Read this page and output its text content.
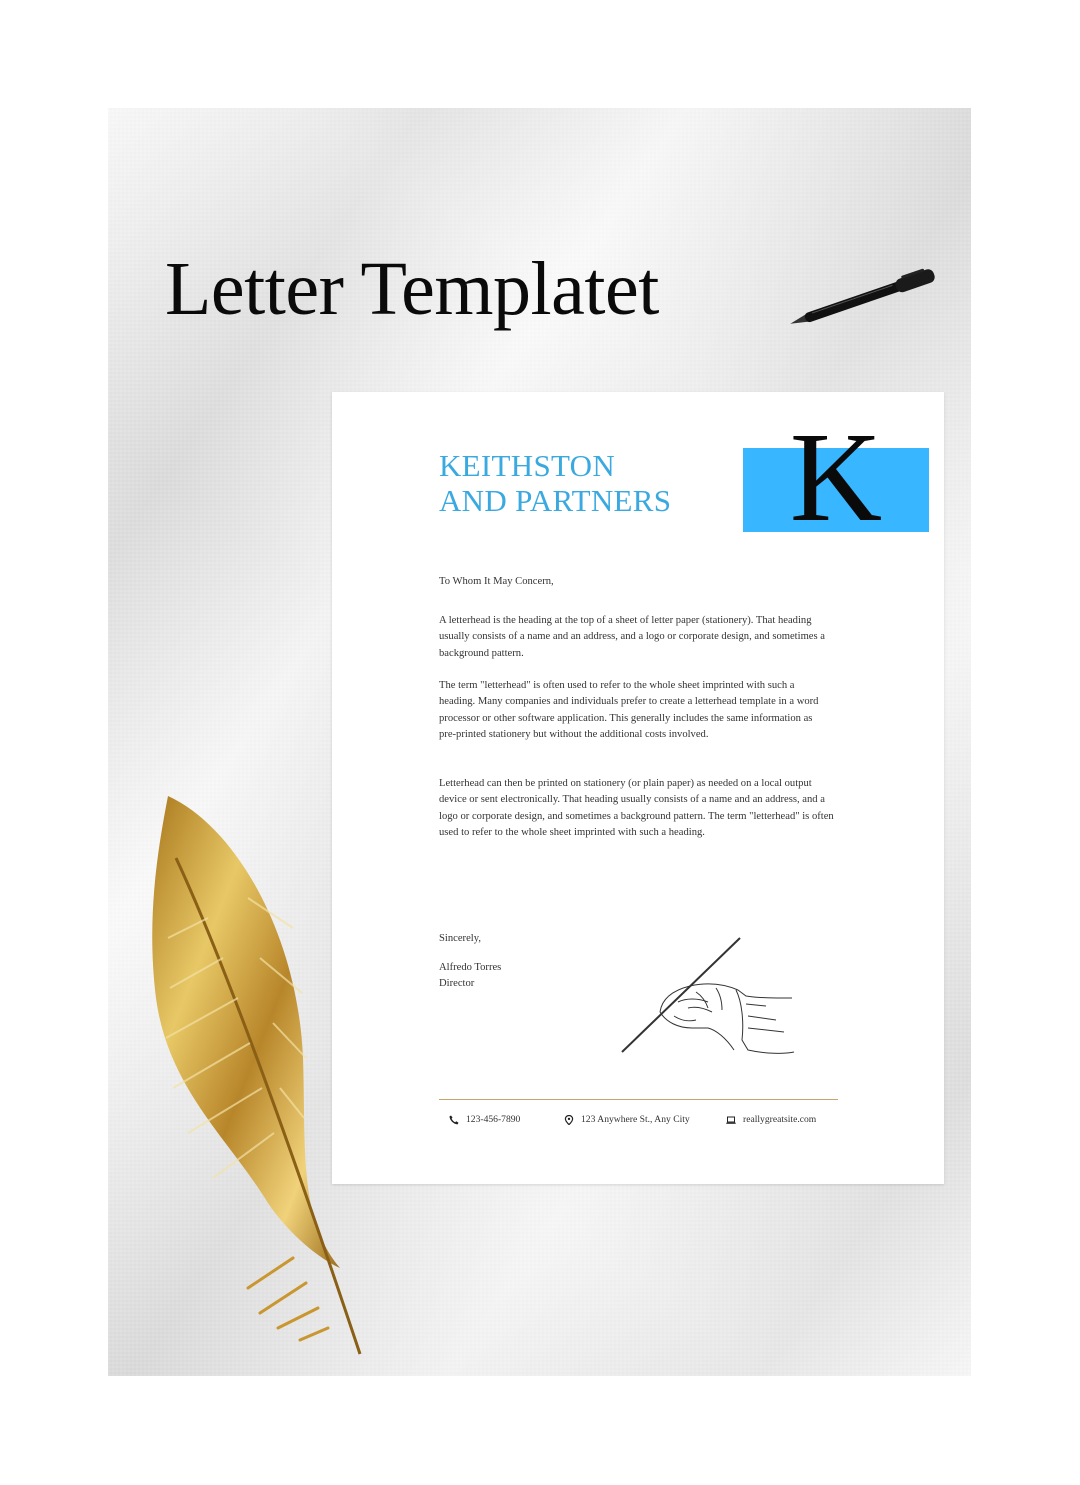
Letter Templatet
KEITHSTON
AND PARTNERS K
To Whom It May Concern,
A letterhead is the heading at the top of a sheet of letter paper (stationery). That heading usually consists of a name and an address, and a logo or corporate design, and sometimes a background pattern.
The term "letterhead" is often used to refer to the whole sheet imprinted with such a heading. Many companies and individuals prefer to create a letterhead template in a word processor or other software application. This generally includes the same information as pre-printed stationery but without the additional costs involved.
Letterhead can then be printed on stationery (or plain paper) as needed on a local output device or sent electronically. That heading usually consists of a name and an address, and a logo or corporate design, and sometimes a background pattern. The term "letterhead" is often used to refer to the whole sheet imprinted with such a heading.
Sincerely,
Alfredo Torres
Director
123-456-7890	123 Anywhere St., Any City	reallygreatsite.com
